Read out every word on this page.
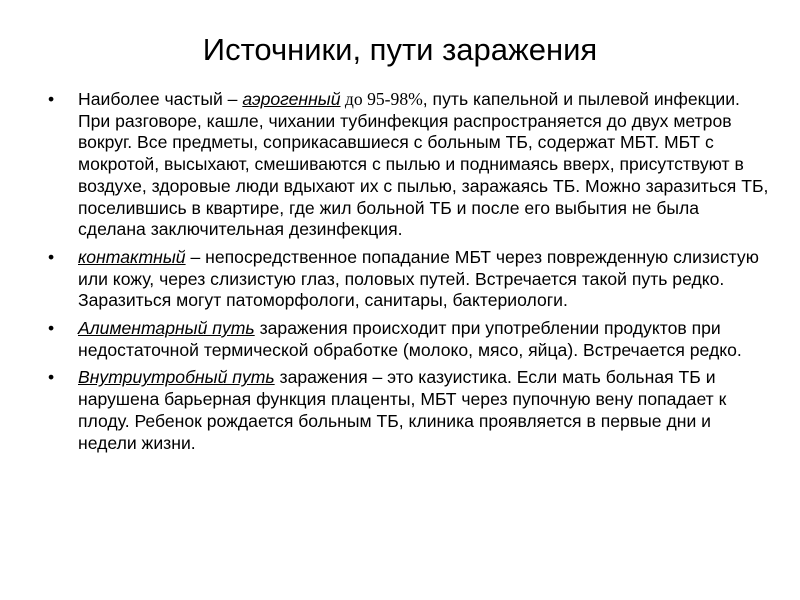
Источники, пути заражения
•	Наиболее частый – аэрогенный до 95-98%, путь капельной и пылевой инфекции. При разговоре, кашле, чихании тубинфекция распространяется до двух метров вокруг. Все предметы, соприкасавшиеся с больным ТБ, содержат МБТ. МБТ с мокротой, высыхают, смешиваются с пылью и поднимаясь вверх, присутствуют в воздухе, здоровые люди вдыхают их с пылью, заражаясь ТБ. Можно заразиться ТБ, поселившись в квартире, где жил больной ТБ и после его выбытия не была сделана заключительная дезинфекция.
•	контактный – непосредственное попадание МБТ через поврежденную слизистую или кожу, через слизистую глаз, половых путей. Встречается такой путь редко. Заразиться могут патоморфологи, санитары, бактериологи.
•	Алиментарный путь заражения происходит при употреблении продуктов при недостаточной термической обработке (молоко, мясо, яйца). Встречается редко.
•	Внутриутробный путь заражения – это казуистика. Если мать больная ТБ и нарушена барьерная функция плаценты, МБТ через пупочную вену попадает к плоду. Ребенок рождается больным ТБ, клиника проявляется в первые дни и недели жизни.
